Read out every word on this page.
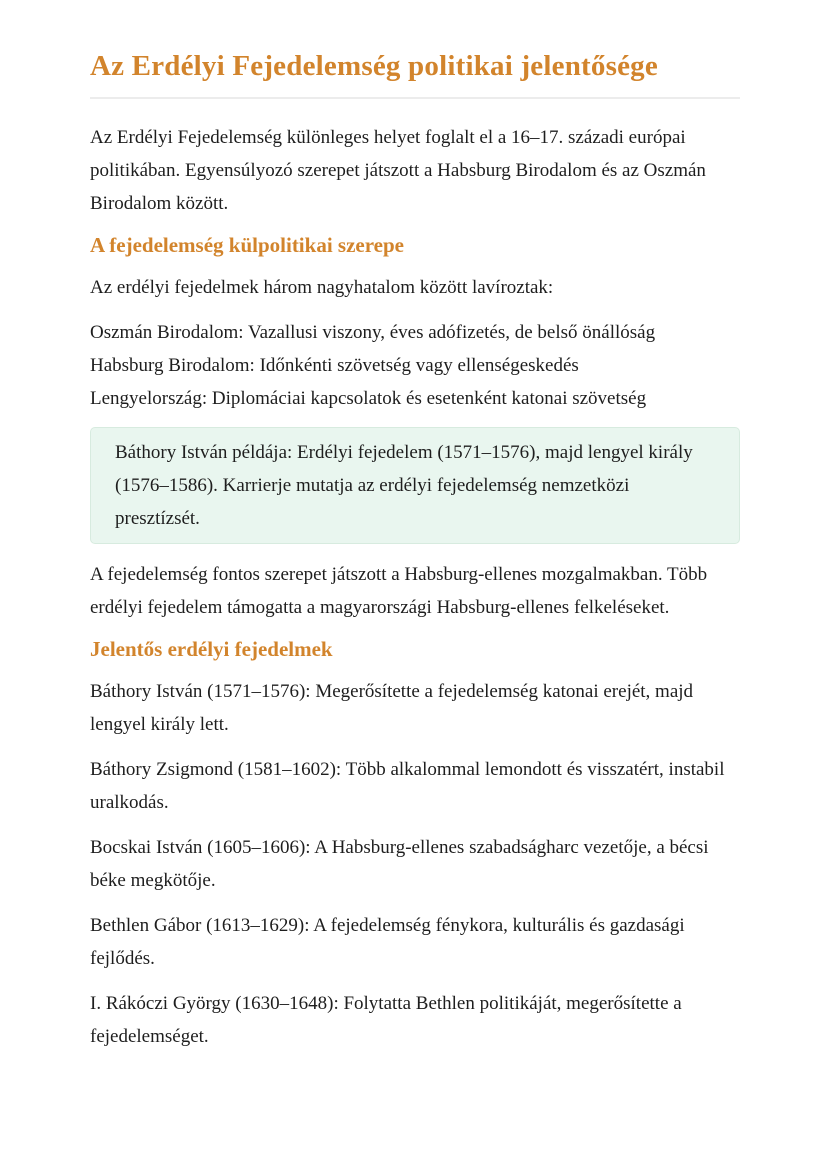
Az Erdélyi Fejedelemség politikai jelentősége

Az Erdélyi Fejedelemség különleges helyet foglalt el a 16–17. századi európai politikában. Egyensúlyozó szerepet játszott a Habsburg Birodalom és az Oszmán Birodalom között.

A fejedelemség külpolitikai szerepe

Az erdélyi fejedelmek három nagyhatalom között lavíroztak:

Oszmán Birodalom: Vazallusi viszony, éves adófizetés, de belső önállóság
Habsburg Birodalom: Időnkénti szövetség vagy ellenségeskedés
Lengyelország: Diplomáciai kapcsolatok és esetenként katonai szövetség

Báthory István példája: Erdélyi fejedelem (1571–1576), majd lengyel király (1576–1586). Karrierje mutatja az erdélyi fejedelemség nemzetközi presztízsét.

A fejedelemség fontos szerepet játszott a Habsburg-ellenes mozgalmakban. Több erdélyi fejedelem támogatta a magyarországi Habsburg-ellenes felkeléseket.

Jelentős erdélyi fejedelmek

Báthory István (1571–1576): Megerősítette a fejedelemség katonai erejét, majd lengyel király lett.

Báthory Zsigmond (1581–1602): Több alkalommal lemondott és visszatért, instabil uralkodás.

Bocskai István (1605–1606): A Habsburg-ellenes szabadságharc vezetője, a bécsi béke megkötője.

Bethlen Gábor (1613–1629): A fejedelemség fénykora, kulturális és gazdasági fejlődés.

I. Rákóczi György (1630–1648): Folytatta Bethlen politikáját, megerősítette a fejedelemséget.
